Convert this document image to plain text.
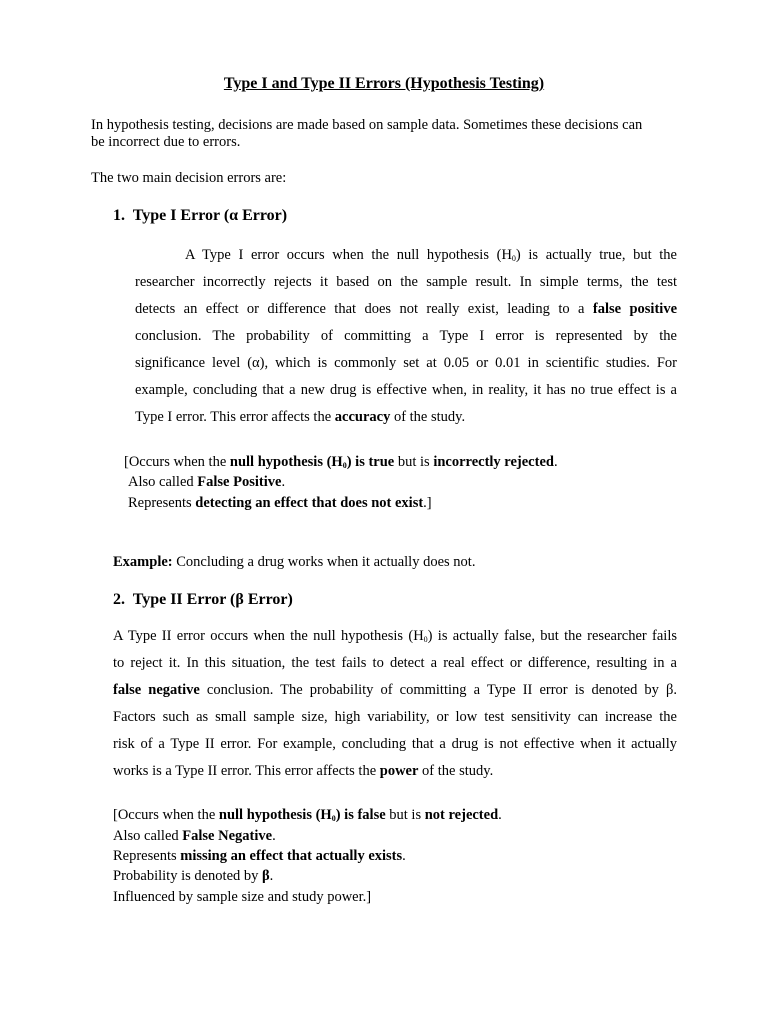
Type I and Type II Errors (Hypothesis Testing)

In hypothesis testing, decisions are made based on sample data. Sometimes these decisions can

be incorrect due to errors.

The two main decision errors are:

1. Type I Error (α Error)

A Type I error occurs when the null hypothesis $(H_0)$ is actually true, but the
researcher incorrectly rejects it based on the sample result. In simple terms, the test
detects an effect or difference that does not really exist, leading to a false positive
conclusion. The probability of committing a Type I error is represented by the
significance level (α), which is commonly set at 0.05 or 0.01 in scientific studies. For
example, concluding that a new drug is effective when, in reality, it has no true effect is a
Type I error. This error affects the accuracy of the study.

[Occurs when the null hypothesis $(H_0)$ is true but is incorrectly rejected.

Also called False Positive.

Represents detecting an effect that does not exist.]

Example: Concluding a drug works when it actually does not.

2. Type II Error (β Error)

A Type II error occurs when the null hypothesis $(H_0)$ is actually false, but the researcher fails
to reject it. In this situation, the test fails to detect a real effect or difference, resulting in a
false negative conclusion. The probability of committing a Type II error is denoted by β.
Factors such as small sample size, high variability, or low test sensitivity can increase the
risk of a Type II error. For example, concluding that a drug is not effective when it actually
works is a Type II error. This error affects the power of the study.

[Occurs when the null hypothesis $(H_0)$ is false but is not rejected.

Also called False Negative.

Represents missing an effect that actually exists.

Probability is denoted by β.

Influenced by sample size and study power.]
